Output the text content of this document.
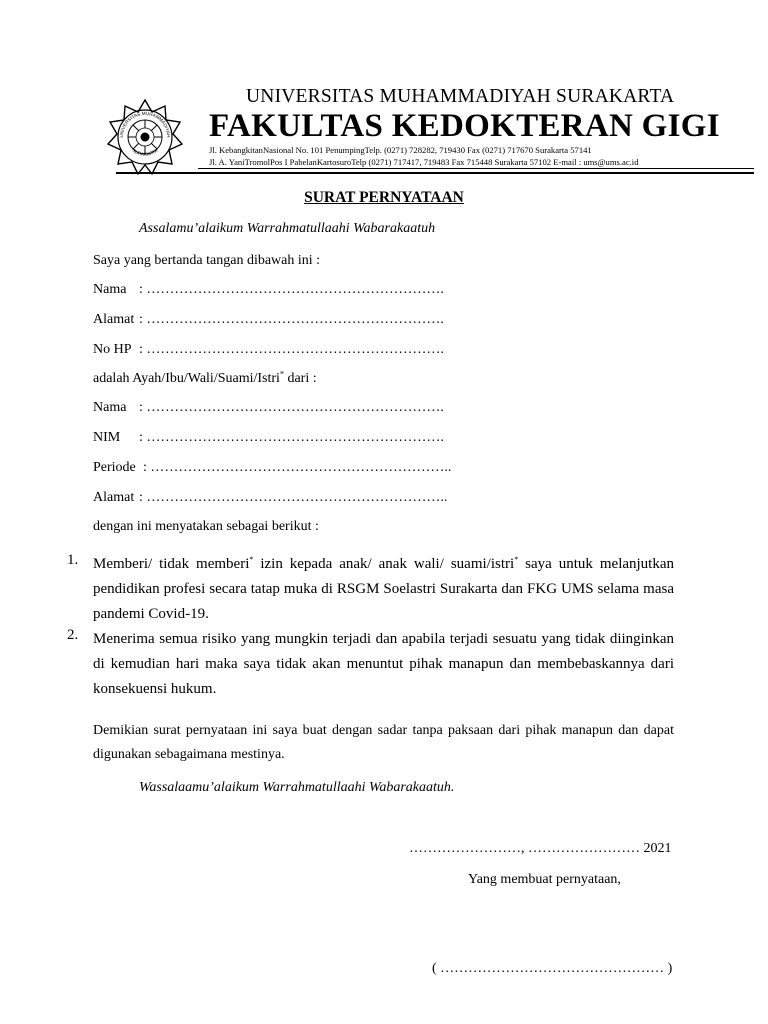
UNIVERSITAS MUHAMMADIYAH
SURAKARTA
UNIVERSITAS MUHAMMADIYAH SURAKARTA
FAKULTAS KEDOKTERAN GIGI
Jl. KebangkitanNasional No. 101 PenumpingTelp. (0271) 728282, 719430 Fax (0271) 717670 Surakarta 57141
Jl. A. YaniTromolPos I PabelanKartosuroTelp (0271) 717417, 719483 Fax 715448 Surakarta 57102 E-mail : ums@ums.ac.id
SURAT PERNYATAAN
Assalamu’alaikum Warrahmatullaahi Wabarakaatuh
Saya yang bertanda tangan dibawah ini :
Nama : ……………………………………………………….
Alamat : ……………………………………………………….
No HP : ……………………………………………………….
adalah Ayah/Ibu/Wali/Suami/Istri* dari :
Nama : ……………………………………………………….
NIM : ……………………………………………………….
Periode : ………………………………………………………..
Alamat : ………………………………………………………..
dengan ini menyatakan sebagai berikut :
1. Memberi/ tidak memberi* izin kepada anak/ anak wali/ suami/istri* saya untuk melanjutkan pendidikan profesi secara tatap muka di RSGM Soelastri Surakarta dan FKG UMS selama masa pandemi Covid-19.
2. Menerima semua risiko yang mungkin terjadi dan apabila terjadi sesuatu yang tidak diinginkan di kemudian hari maka saya tidak akan menuntut pihak manapun dan membebaskannya dari konsekuensi hukum.
Demikian surat pernyataan ini saya buat dengan sadar tanpa paksaan dari pihak manapun dan dapat digunakan sebagaimana mestinya.
Wassalaamu’alaikum Warrahmatullaahi Wabarakaatuh.
……………………, …………………… 2021
Yang membuat pernyataan,
( ………………………………………… )
